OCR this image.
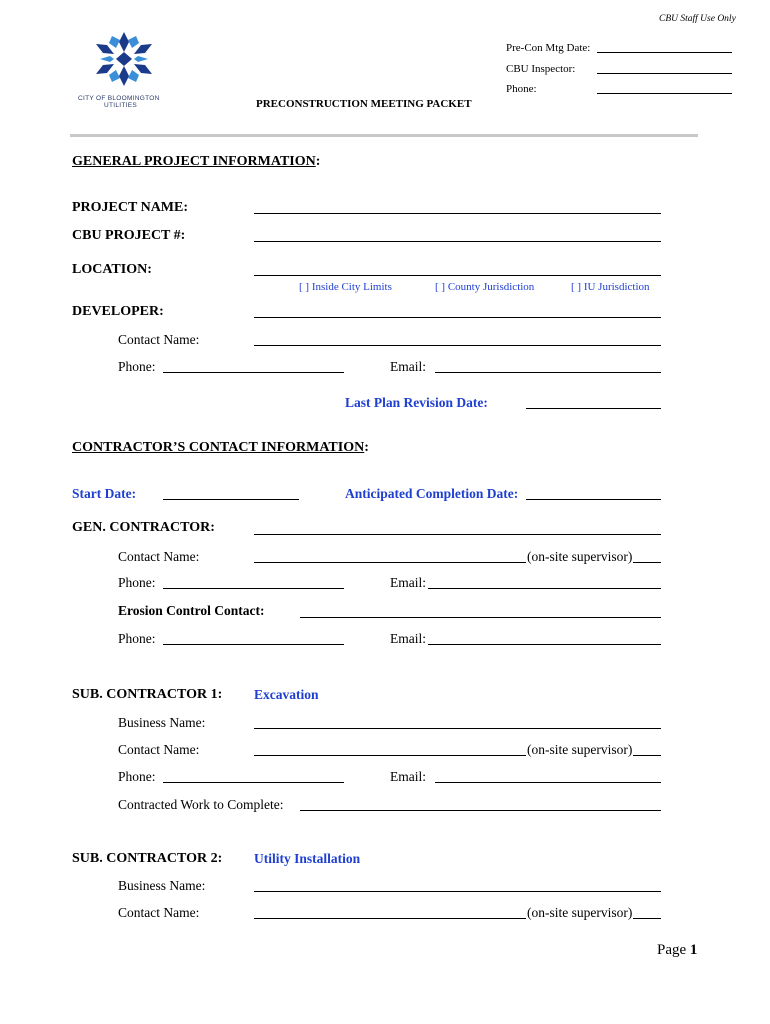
CBU Staff Use Only
CITY OF BLOOMINGTON
UTILITIES
Pre-Con Mtg Date:
CBU Inspector:
Phone:
PRECONSTRUCTION MEETING PACKET
GENERAL PROJECT INFORMATION:
PROJECT NAME:
CBU PROJECT #:
LOCATION:
[ ] Inside City Limits	[ ] County Jurisdiction	[ ] IU Jurisdiction
DEVELOPER:
Contact Name:
Phone:	Email:
Last Plan Revision Date:
CONTRACTOR’S CONTACT INFORMATION:
Start Date:	Anticipated Completion Date:
GEN. CONTRACTOR:
Contact Name:	(on-site supervisor)
Phone:	Email:
Erosion Control Contact:
Phone:	Email:
SUB. CONTRACTOR 1: Excavation
Business Name:
Contact Name:	(on-site supervisor)
Phone:	Email:
Contracted Work to Complete:
SUB. CONTRACTOR 2: Utility Installation
Business Name:
Contact Name:	(on-site supervisor)
Page 1
